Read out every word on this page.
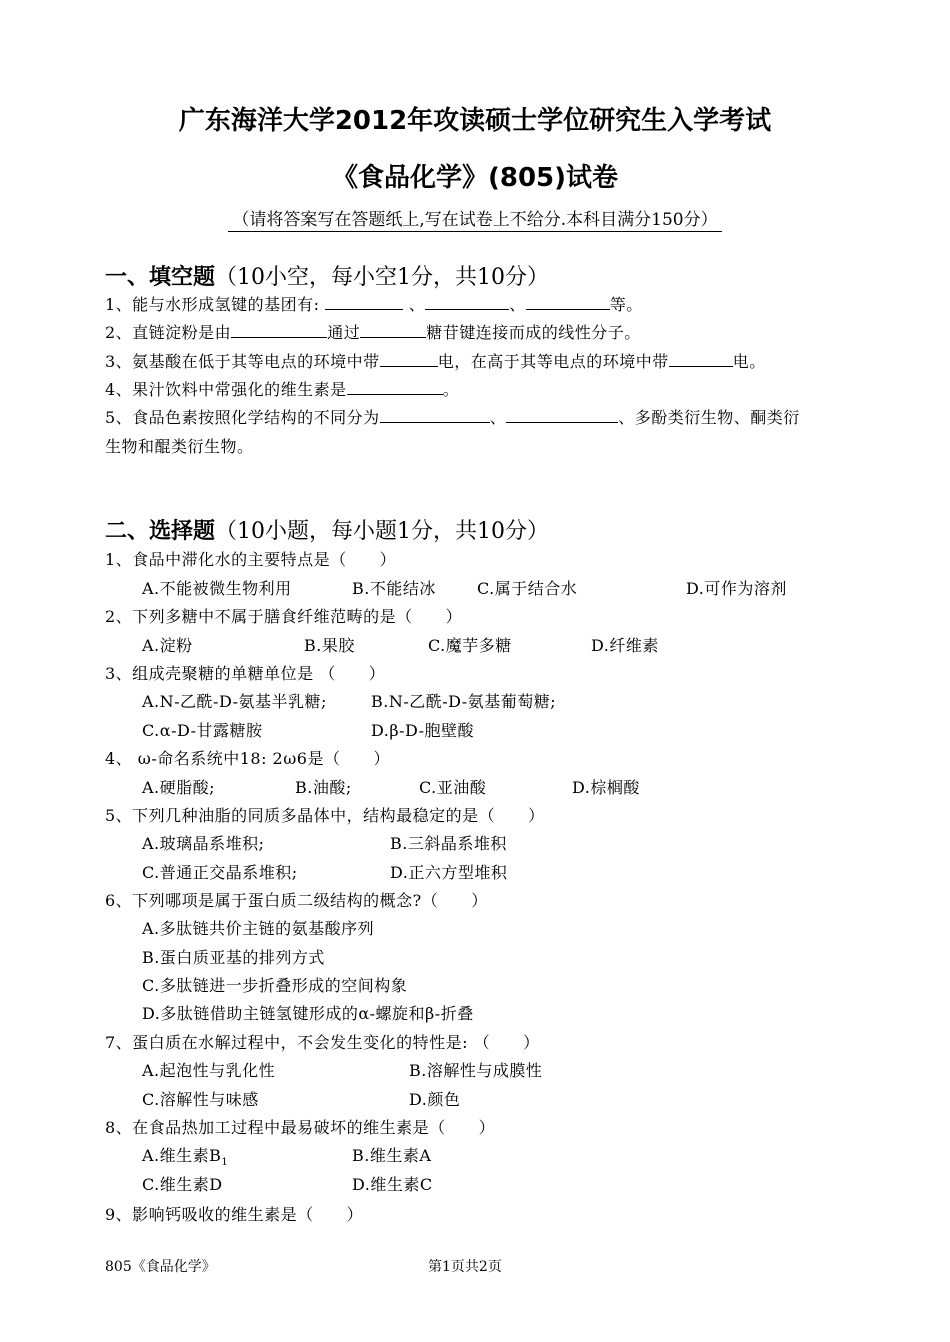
广东海洋大学2012年攻读硕士学位研究生入学考试
《食品化学》(805)试卷
（请将答案写在答题纸上,写在试卷上不给分.本科目满分150分）
一、填空题（10小空，每小空1分，共10分）
1、能与水形成氢键的基团有:	、	、	等。
2、直链淀粉是由	通过	糖苷键连接而成的线性分子。
3、氨基酸在低于其等电点的环境中带	电，在高于其等电点的环境中带	电。
4、果汁饮料中常强化的维生素是	。
5、食品色素按照化学结构的不同分为	、	、多酚类衍生物、酮类衍
生物和醌类衍生物。
二、选择题（10小题，每小题1分，共10分）
1、食品中滞化水的主要特点是（　　）
A.不能被微生物利用	B.不能结冰	C.属于结合水	D.可作为溶剂
2、下列多糖中不属于膳食纤维范畴的是（　　）
A.淀粉	B.果胶	C.魔芋多糖	D.纤维素
3、组成壳聚糖的单糖单位是 （　　）
A.N-乙酰-D-氨基半乳糖;	B.N-乙酰-D-氨基葡萄糖;
C.α-D-甘露糖胺	D.β-D-胞壁酸
4、 ω-命名系统中18: 2ω6是（　　）
A.硬脂酸;	B.油酸;	C.亚油酸	D.棕榈酸
5、下列几种油脂的同质多晶体中，结构最稳定的是（　　）
A.玻璃晶系堆积;	B.三斜晶系堆积
C.普通正交晶系堆积;	D.正六方型堆积
6、下列哪项是属于蛋白质二级结构的概念?（　　）
A.多肽链共价主链的氨基酸序列
B.蛋白质亚基的排列方式
C.多肽链进一步折叠形成的空间构象
D.多肽链借助主链氢键形成的α-螺旋和β-折叠
7、蛋白质在水解过程中，不会发生变化的特性是: （　　）
A.起泡性与乳化性	B.溶解性与成膜性
C.溶解性与味感	D.颜色
8、在食品热加工过程中最易破坏的维生素是（　　）
A.维生素$B_1$	B.维生素A
C.维生素D	D.维生素C
9、影响钙吸收的维生素是（　　）
805《食品化学》	第1页共2页
